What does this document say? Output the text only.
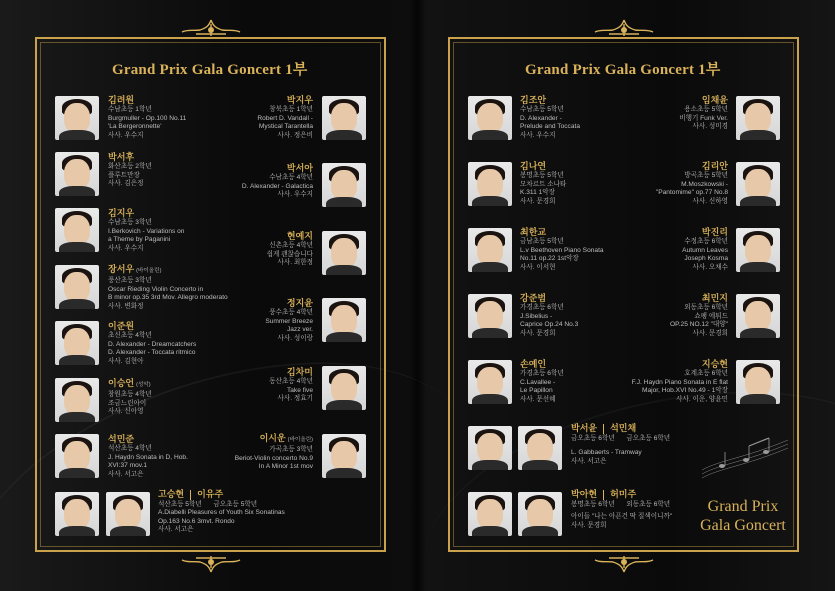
Grand Prix Gala Goncert 1부	Grand Prix Gala Goncert 1부
김려원
수남초등 1학년
Burgmuller - Op.100 No.11
'La Bergeronnette'
사사. 우수지
박서후
화산초등 2학년
플루트만장
사사. 김은정
김지우
수남초등 3학년
I.Berkovich - Variations on
a Theme by Paganini
사사. 우수지
장서우 (바이올린)
풍산초등 3학년
Oscar Rieding Violin Concerto in
B minor op.35 3rd Mov. Allegro moderato
사사. 변화정
이준원
초신초등 4학년
D. Alexander - Dreamcatchers
D. Alexander - Toccata ritmico
사사. 김현아
이승언 (성악)
창원초등 4학년
조금느린아이
사사. 신아영
석민준
석산초등 4학년
J. Haydn Sonata in D, Hob.
XVI:37 mov.1
사사. 서고은
박지우
창북초등 1학년
Robert D. Vandall -
Mystical Tarantella
사사. 정은비
박서아
수남초등 4학년
D. Alexander - Galactica
사사. 우수지
현예지
신촌초등 4학년
쉽게 괜찮습니다
사사. 최한정
정지윤
풍수초등 4학년
Summer Breeze
Jazz ver.
사사. 성이랑
김차미
동산초등 4학년
Take five
사사. 정효기
이시운 (바이올린)
가곡초등 3학년
Beriot-Violin concerto No.9
In A Minor 1st mov
고승현 이유주
석산초등 5학년 금오초등 5학년
A.Diabelli Pleasures of Youth Six Sonatinas
Op.163 No.6 3mvt. Rondo
사사. 서고은
김조안
수남초등 5학년
D. Alexander -
Prelude and Toccata
사사. 우수지
김나연
봉명초등 5학년
모차르트 소나타
K.311 1악장
사사. 문경희
최한교
금남초등 5학년
L.v Beethoven Piano Sonata
No.11 op.22 1st악장
사사. 이서현
강준범
가경초등 6학년
J.Sibelius -
Caprice Op.24 No.3
사사. 문경희
손예인
가경초등 6학년
C.Lavallee -
Le Papillon
사사. 문선혜
임채윤
용소초등 5학년
비행기 Funk Ver.
사사. 성미경
김리안
방곡초등 5학년
M.Moszkowski -
"Pantomime" op.77 No.8
사사. 신하영
박진리
수정초등 6학년
Autumn Leaves
Joseph Kosma
사사. 오채수
최민지
외동초등 6학년
쇼팽 에튀드
OP.25 NO.12 "대양"
사사. 문경희
지승현
호계초등 6학년
F.J. Haydn Piano Sonata in E flat
Major, Hob.XVI No.49 - 1악장
사사. 이운, 양윤민
박서윤 석민채
금오초등 6학년 금오초등 6학년
L. Gabbaerts - Tramway
사사. 서고은
박아현 허미주
봉명초등 6학년 외동초등 6학년
아이들 "나는 아픈건 딱 질색이니까"
사사. 문경희
Grand Prix
Gala Goncert
